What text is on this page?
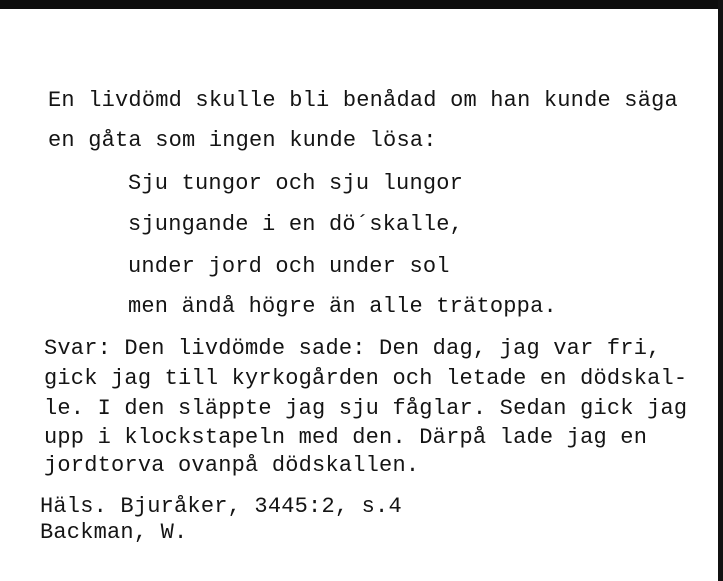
En livdömd skulle bli benådad om han kunde säga
en gåta som ingen kunde lösa:
Sju tungor och sju lungor
sjungande i en dö´skalle,
under jord och under sol
men ändå högre än alle trätoppa.
Svar: Den livdömde sade: Den dag, jag var fri,
gick jag till kyrkogården och letade en dödskal-
le. I den släppte jag sju fåglar. Sedan gick jag
upp i klockstapeln med den. Därpå lade jag en
jordtorva ovanpå dödskallen.
Häls. Bjuråker, 3445:2, s.4
Backman, W.
